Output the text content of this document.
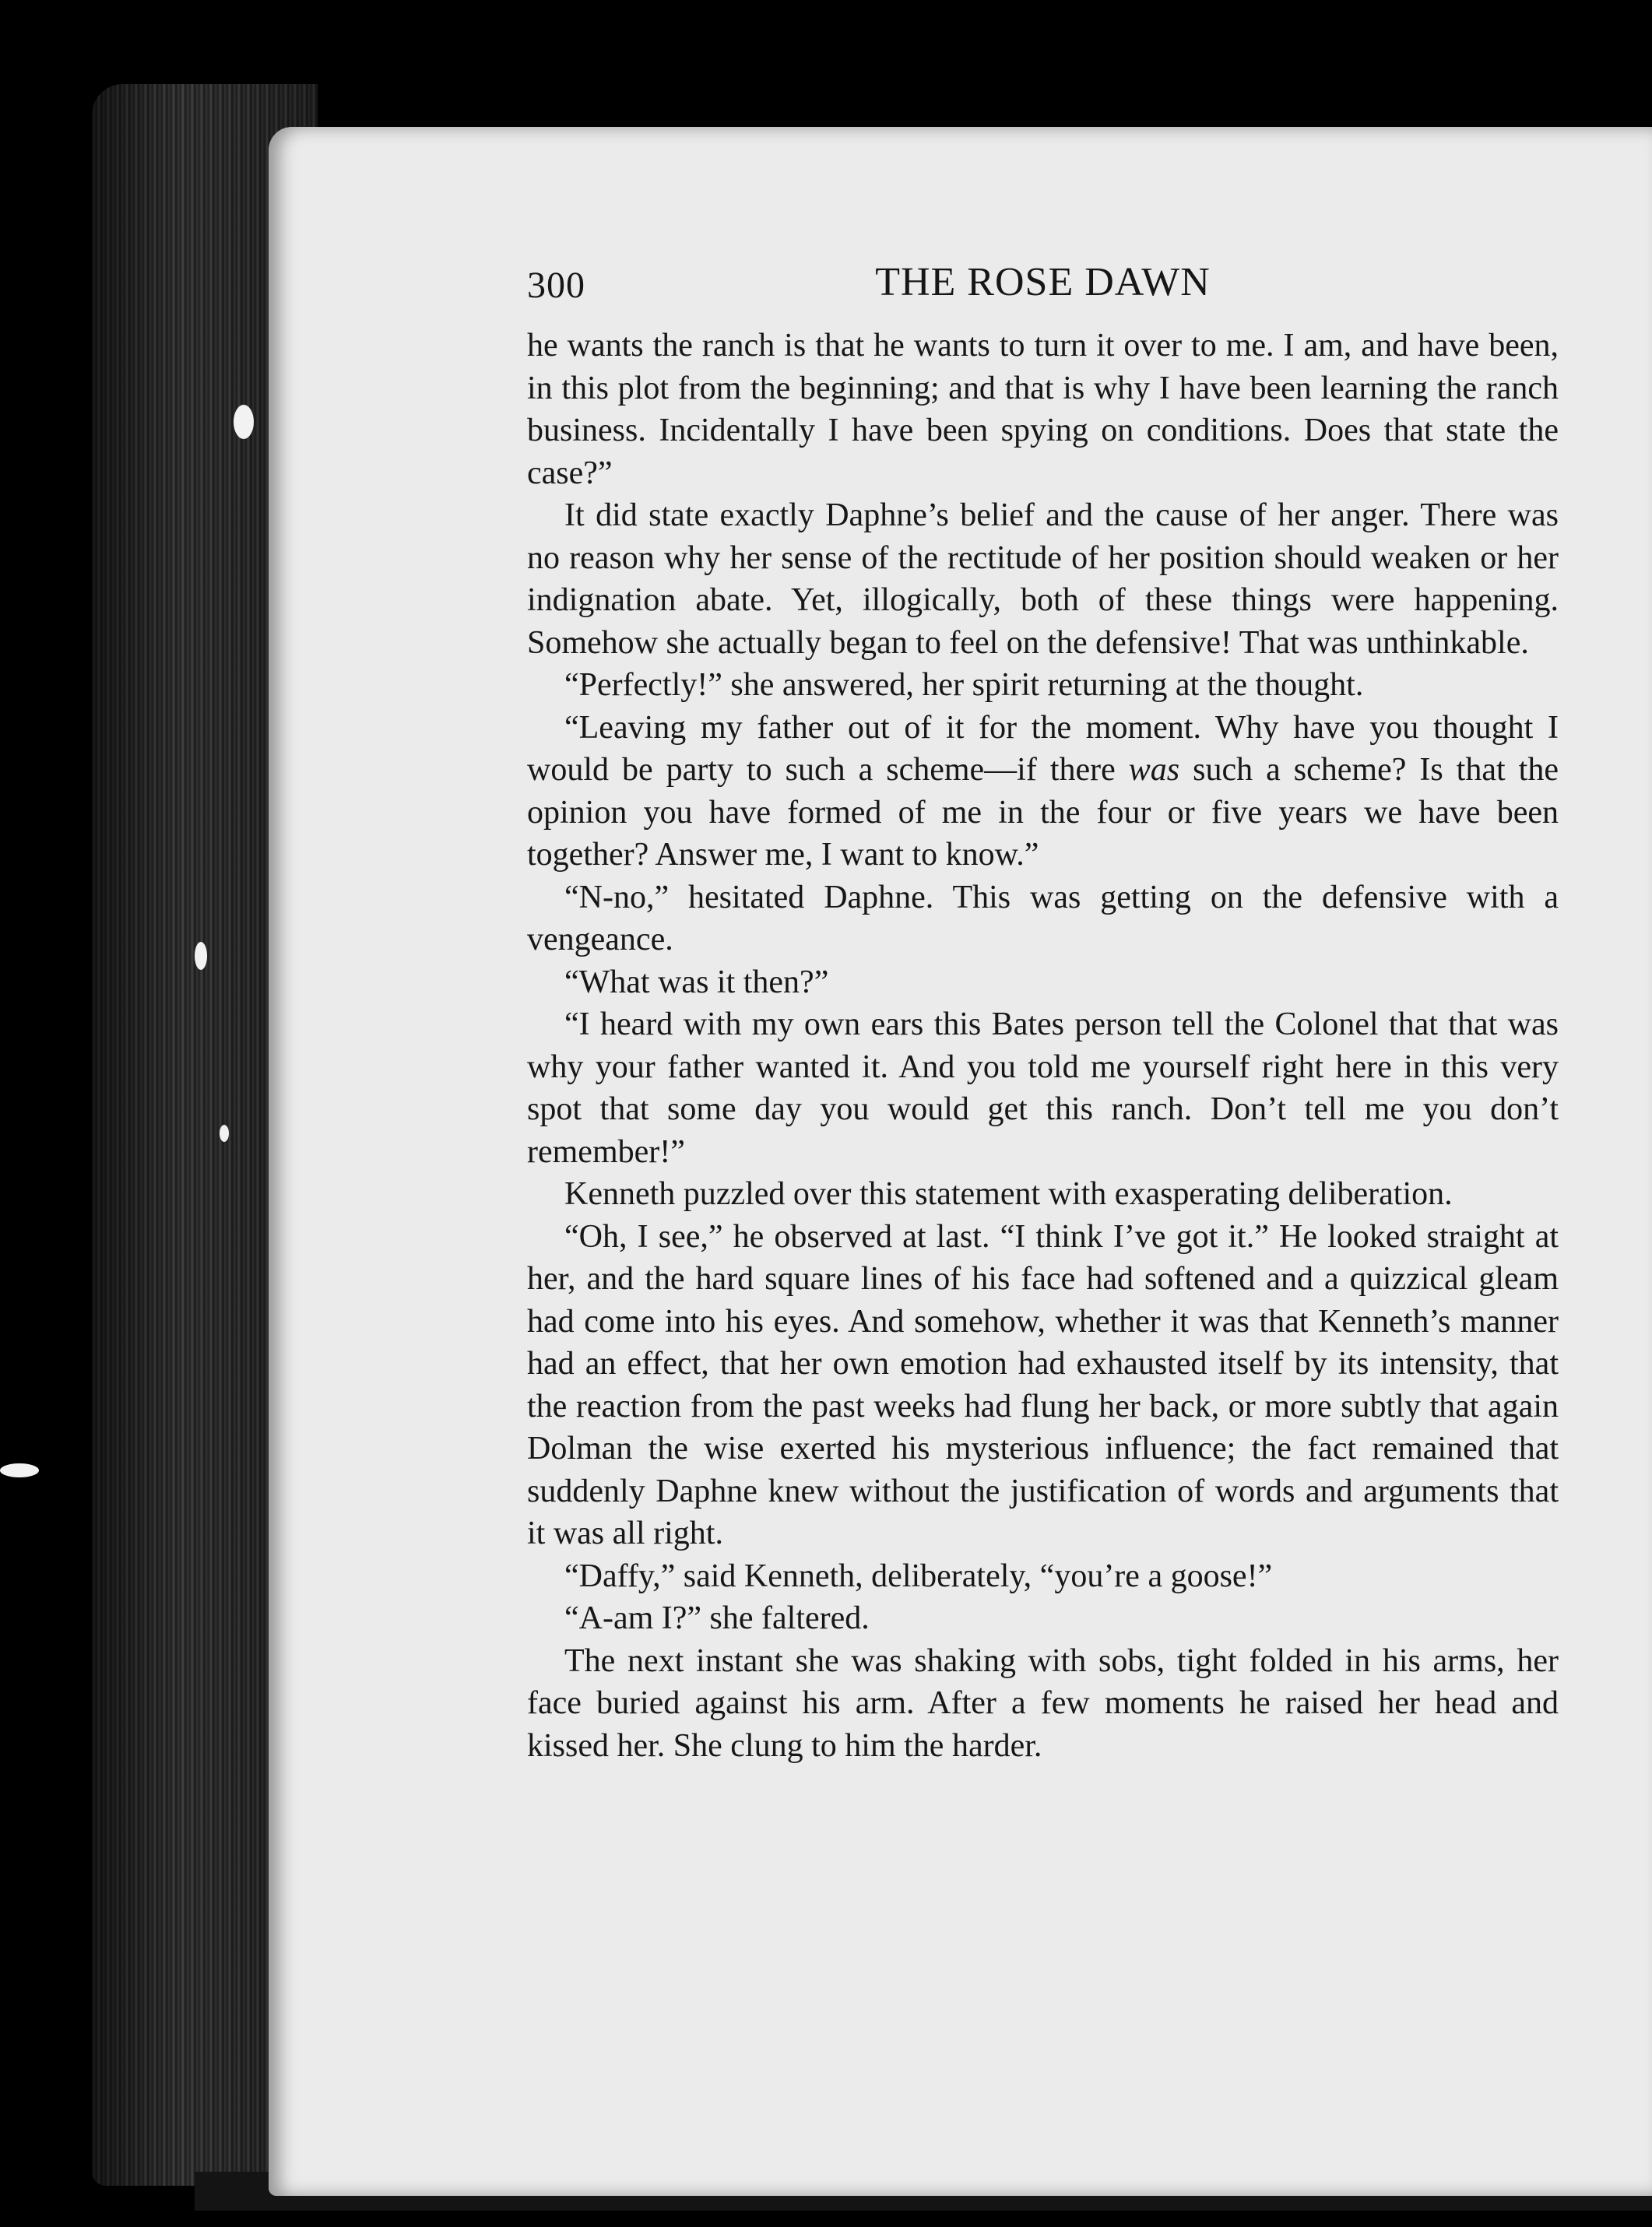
300	THE ROSE DAWN

he wants the ranch is that he wants to turn it over to me. I am, and have been, in this plot from the beginning; and that is why I have been learning the ranch business. Incidentally I have been spying on conditions. Does that state the case?”

It did state exactly Daphne’s belief and the cause of her anger. There was no reason why her sense of the rectitude of her position should weaken or her indignation abate. Yet, illogically, both of these things were happening. Somehow she actually began to feel on the defensive! That was unthinkable.

“Perfectly!” she answered, her spirit returning at the thought.

“Leaving my father out of it for the moment. Why have you thought I would be party to such a scheme—if there was such a scheme? Is that the opinion you have formed of me in the four or five years we have been together? Answer me, I want to know.”

“N-no,” hesitated Daphne. This was getting on the defensive with a vengeance.

“What was it then?”

“I heard with my own ears this Bates person tell the Colonel that that was why your father wanted it. And you told me yourself right here in this very spot that some day you would get this ranch. Don’t tell me you don’t remember!”

Kenneth puzzled over this statement with exasperating deliberation.

“Oh, I see,” he observed at last. “I think I’ve got it.” He looked straight at her, and the hard square lines of his face had softened and a quizzical gleam had come into his eyes. And somehow, whether it was that Kenneth’s manner had an effect, that her own emotion had exhausted itself by its intensity, that the reaction from the past weeks had flung her back, or more subtly that again Dolman the wise exerted his mysterious influence; the fact remained that suddenly Daphne knew without the justification of words and arguments that it was all right.

“Daffy,” said Kenneth, deliberately, “you’re a goose!”

“A-am I?” she faltered.

The next instant she was shaking with sobs, tight folded in his arms, her face buried against his arm. After a few moments he raised her head and kissed her. She clung to him the harder.
